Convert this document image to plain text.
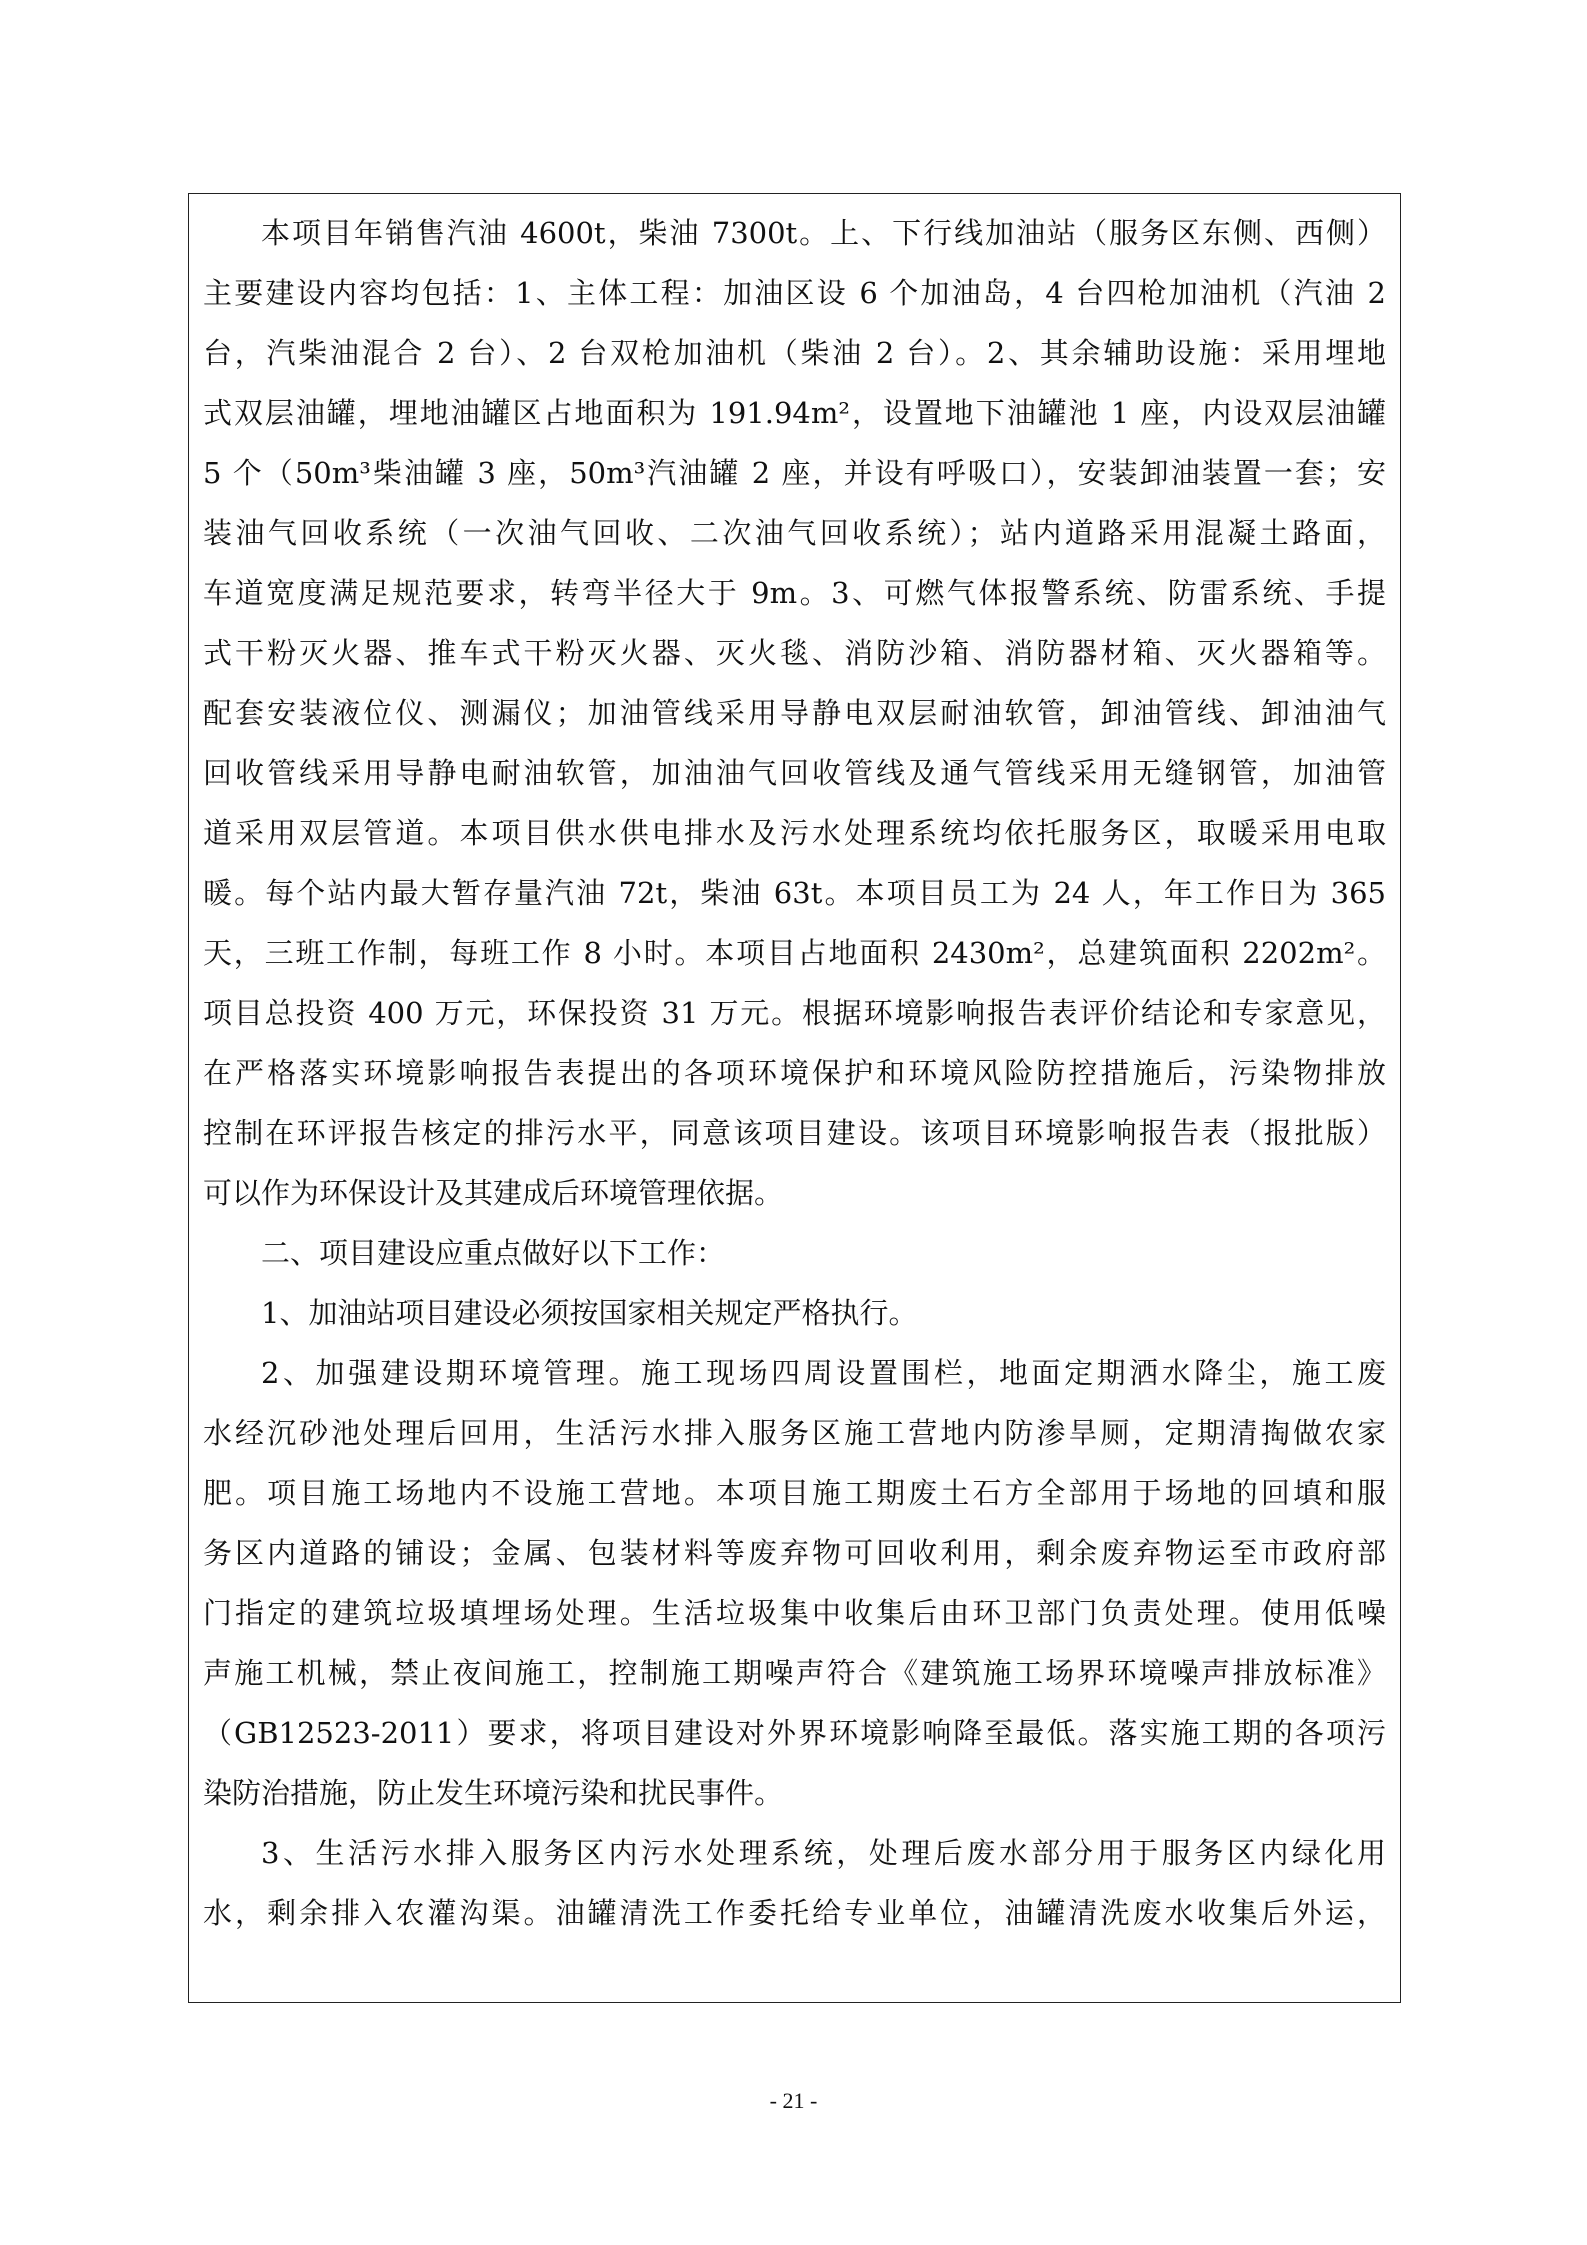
本项目年销售汽油 4600t，柴油 7300t。上、下行线加油站（服务区东侧、西侧）
主要建设内容均包括：1、主体工程：加油区设 6 个加油岛，4 台四枪加油机（汽油 2
台，汽柴油混合 2 台）、2 台双枪加油机（柴油 2 台）。2、其余辅助设施：采用埋地
式双层油罐，埋地油罐区占地面积为 191.94m²，设置地下油罐池 1 座，内设双层油罐
5 个（50m³柴油罐 3 座，50m³汽油罐 2 座，并设有呼吸口），安装卸油装置一套；安
装油气回收系统（一次油气回收、二次油气回收系统）；站内道路采用混凝土路面，
车道宽度满足规范要求，转弯半径大于 9m。3、可燃气体报警系统、防雷系统、手提
式干粉灭火器、推车式干粉灭火器、灭火毯、消防沙箱、消防器材箱、灭火器箱等。
配套安装液位仪、测漏仪；加油管线采用导静电双层耐油软管，卸油管线、卸油油气
回收管线采用导静电耐油软管，加油油气回收管线及通气管线采用无缝钢管，加油管
道采用双层管道。本项目供水供电排水及污水处理系统均依托服务区，取暖采用电取
暖。每个站内最大暂存量汽油 72t，柴油 63t。本项目员工为 24 人，年工作日为 365
天，三班工作制，每班工作 8 小时。本项目占地面积 2430m²，总建筑面积 2202m²。
项目总投资 400 万元，环保投资 31 万元。根据环境影响报告表评价结论和专家意见，
在严格落实环境影响报告表提出的各项环境保护和环境风险防控措施后，污染物排放
控制在环评报告核定的排污水平，同意该项目建设。该项目环境影响报告表（报批版）
可以作为环保设计及其建成后环境管理依据。
二、项目建设应重点做好以下工作：
1、加油站项目建设必须按国家相关规定严格执行。
2、加强建设期环境管理。施工现场四周设置围栏，地面定期洒水降尘，施工废
水经沉砂池处理后回用，生活污水排入服务区施工营地内防渗旱厕，定期清掏做农家
肥。项目施工场地内不设施工营地。本项目施工期废土石方全部用于场地的回填和服
务区内道路的铺设；金属、包装材料等废弃物可回收利用，剩余废弃物运至市政府部
门指定的建筑垃圾填埋场处理。生活垃圾集中收集后由环卫部门负责处理。使用低噪
声施工机械，禁止夜间施工，控制施工期噪声符合《建筑施工场界环境噪声排放标准》
（GB12523-2011）要求，将项目建设对外界环境影响降至最低。落实施工期的各项污
染防治措施，防止发生环境污染和扰民事件。
3、生活污水排入服务区内污水处理系统，处理后废水部分用于服务区内绿化用
水，剩余排入农灌沟渠。油罐清洗工作委托给专业单位，油罐清洗废水收集后外运，
- 21 -
